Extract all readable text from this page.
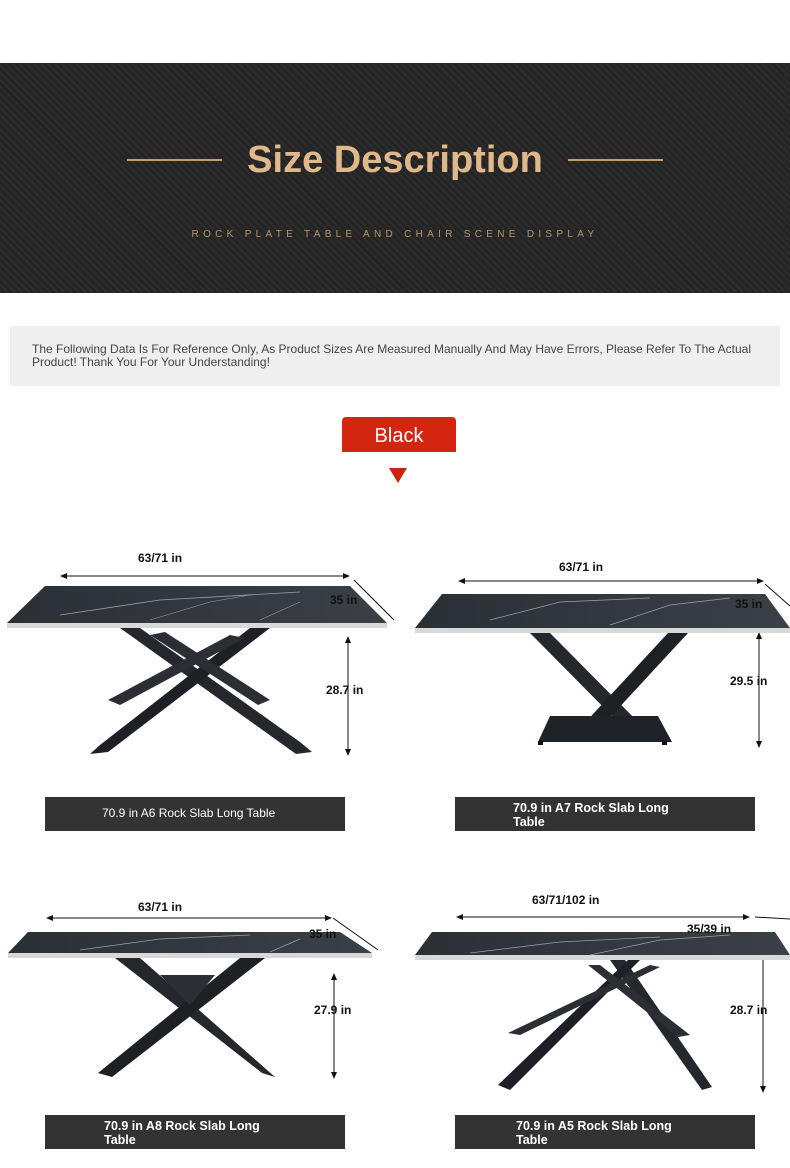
Size Description
ROCK PLATE TABLE AND CHAIR SCENE DISPLAY

The Following Data Is For Reference Only, As Product Sizes Are Measured Manually And May Have Errors, Please Refer To The Actual Product! Thank You For Your Understanding!

Black
63/71 in
35 in
28.7 in
70.9 in A6 Rock Slab Long Table
63/71 in
35 in
29.5 in
70.9 in A7 Rock Slab Long Table
63/71 in
35 in
27.9 in
70.9 in A8 Rock Slab Long Table
63/71/102 in
35/39 in
28.7 in
70.9 in A5 Rock Slab Long Table
